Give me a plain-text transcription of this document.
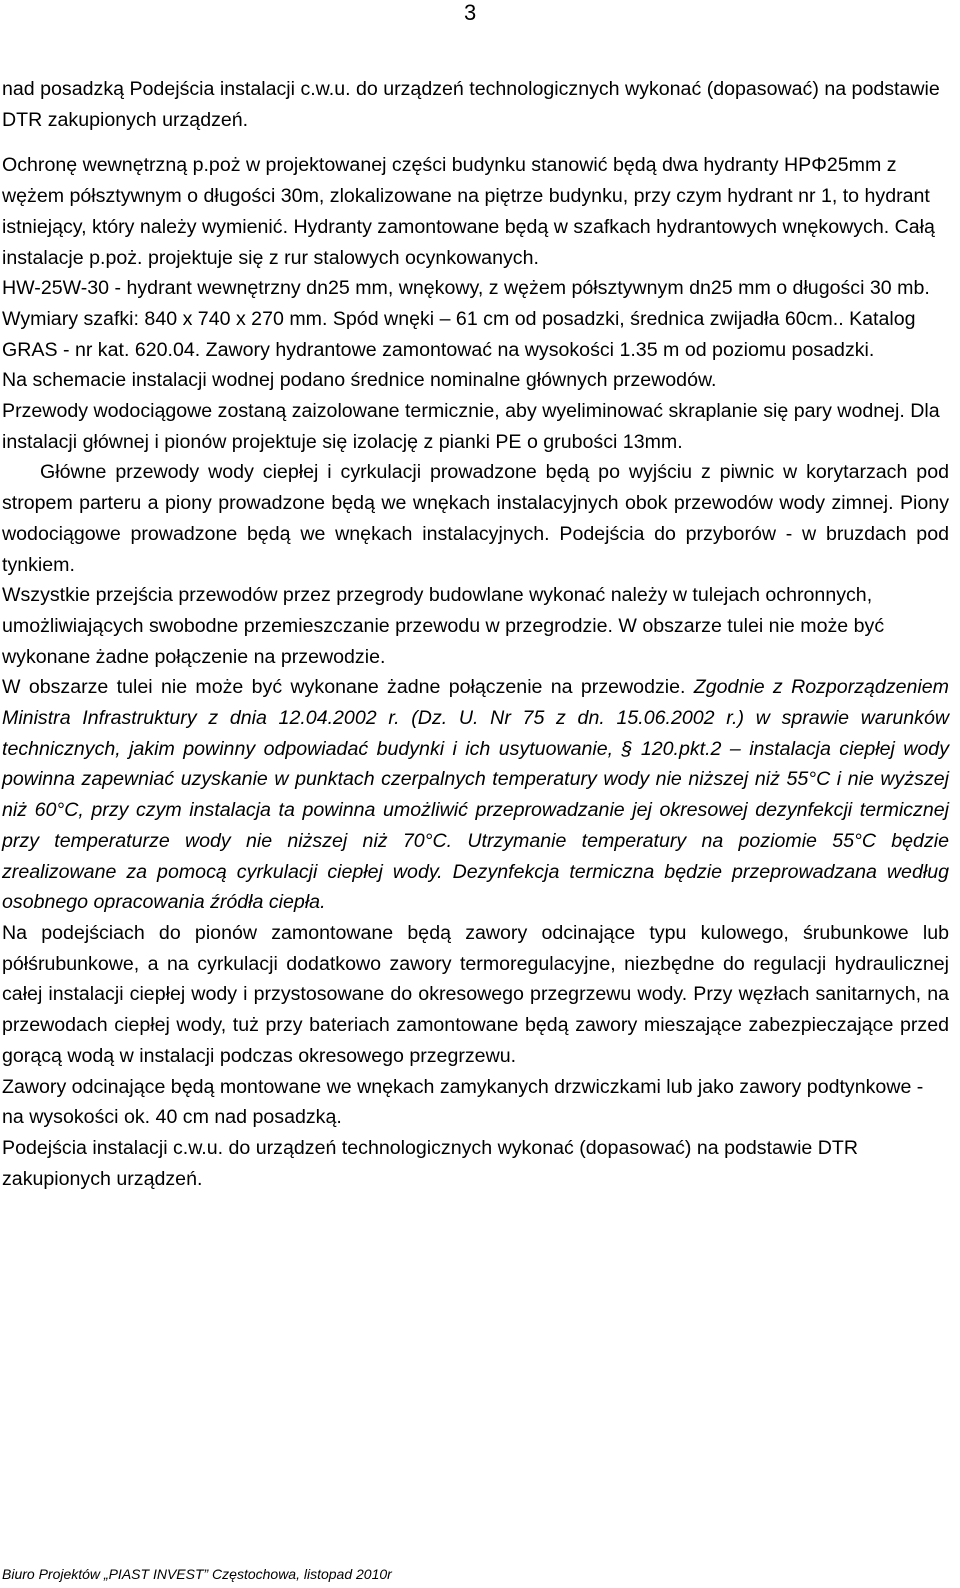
3

nad posadzką Podejścia instalacji c.w.u. do urządzeń technologicznych wykonać (dopasować) na podstawie DTR zakupionych urządzeń.

Ochronę wewnętrzną p.poż w projektowanej części budynku stanowić będą dwa hydranty HPΦ25mm z wężem półsztywnym o długości 30m, zlokalizowane na piętrze budynku, przy czym hydrant nr 1, to hydrant istniejący, który należy wymienić. Hydranty zamontowane będą w szafkach hydrantowych wnękowych. Całą instalacje p.poż. projektuje się z rur stalowych ocynkowanych.

HW-25W-30 - hydrant wewnętrzny dn25 mm, wnękowy, z wężem półsztywnym dn25 mm o długości 30 mb. Wymiary szafki: 840 x 740 x 270 mm. Spód wnęki – 61 cm od posadzki, średnica zwijadła 60cm.. Katalog GRAS - nr kat. 620.04. Zawory hydrantowe zamontować na wysokości 1.35 m od poziomu posadzki.

Na schemacie instalacji wodnej podano średnice nominalne głównych przewodów.

Przewody wodociągowe zostaną zaizolowane termicznie, aby wyeliminować skraplanie się pary wodnej. Dla instalacji głównej i pionów projektuje się izolację z pianki PE o grubości 13mm.

Główne przewody wody ciepłej i cyrkulacji prowadzone będą po wyjściu z piwnic w korytarzach pod stropem parteru a piony prowadzone będą we wnękach instalacyjnych obok przewodów wody zimnej. Piony wodociągowe prowadzone będą we wnękach instalacyjnych. Podejścia do przyborów - w bruzdach pod tynkiem.

Wszystkie przejścia przewodów przez przegrody budowlane wykonać należy w tulejach ochronnych, umożliwiających swobodne przemieszczanie przewodu w przegrodzie. W obszarze tulei nie może być wykonane żadne połączenie na przewodzie.

W obszarze tulei nie może być wykonane żadne połączenie na przewodzie. Zgodnie z Rozporządzeniem Ministra Infrastruktury z dnia 12.04.2002 r. (Dz. U. Nr 75 z dn. 15.06.2002 r.) w sprawie warunków technicznych, jakim powinny odpowiadać budynki i ich usytuowanie, § 120.pkt.2 – instalacja ciepłej wody powinna zapewniać uzyskanie w punktach czerpalnych temperatury wody nie niższej niż 55°C i nie wyższej niż 60°C, przy czym instalacja ta powinna umożliwić przeprowadzanie jej okresowej dezynfekcji termicznej przy temperaturze wody nie niższej niż 70°C. Utrzymanie temperatury na poziomie 55°C będzie zrealizowane za pomocą cyrkulacji ciepłej wody. Dezynfekcja termiczna będzie przeprowadzana według osobnego opracowania źródła ciepła.

Na podejściach do pionów zamontowane będą zawory odcinające typu kulowego, śrubunkowe lub półśrubunkowe, a na cyrkulacji dodatkowo zawory termoregulacyjne, niezbędne do regulacji hydraulicznej całej instalacji ciepłej wody i przystosowane do okresowego przegrzewu wody. Przy węzłach sanitarnych, na przewodach ciepłej wody, tuż przy bateriach zamontowane będą zawory mieszające zabezpieczające przed gorącą wodą w instalacji podczas okresowego przegrzewu.

Zawory odcinające będą montowane we wnękach zamykanych drzwiczkami lub jako zawory podtynkowe - na wysokości ok. 40 cm nad posadzką.

Podejścia instalacji c.w.u. do urządzeń technologicznych wykonać (dopasować) na podstawie DTR zakupionych urządzeń.

Biuro Projektów „PIAST INVEST” Częstochowa, listopad 2010r
